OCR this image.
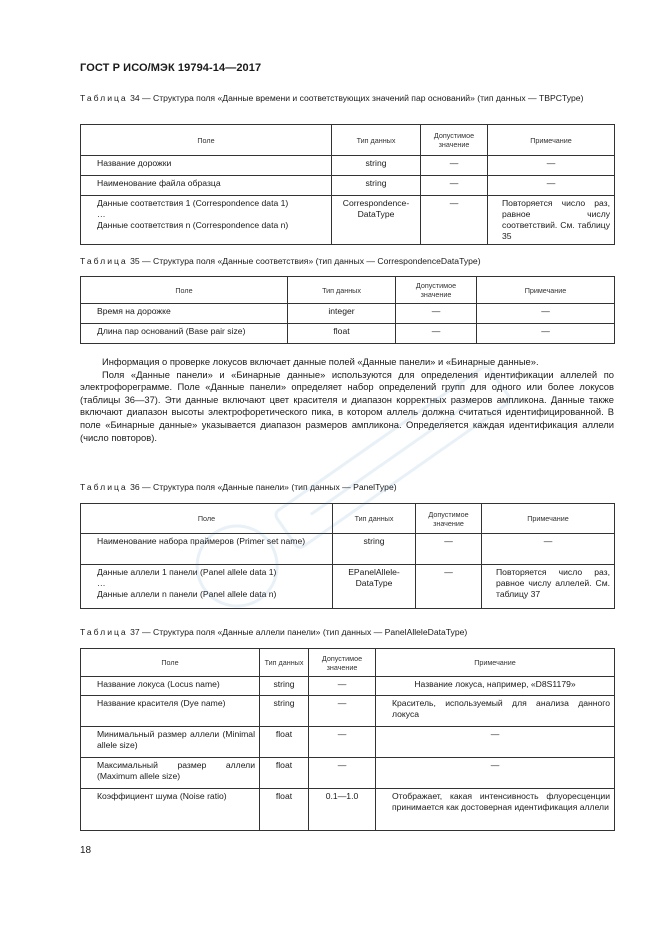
ГОСТ Р ИСО/МЭК 19794-14—2017
Таблица 34 — Структура поля «Данные времени и соответствующих значений пар оснований» (тип данных — TBPCType)
Поле	Тип данных	Допустимое значение	Примечание
Название дорожки	string	—	—
Наименование файла образца	string	—	—
Данные соответствия 1 (Correspondence data 1)
…
Данные соответствия n (Correspondence data n)	Correspondence-DataType	—	Повторяется число раз, равное числу соответствий. См. таблицу 35
Таблица 35 — Структура поля «Данные соответствия» (тип данных — CorrespondenceDataType)
Поле	Тип данных	Допустимое значение	Примечание
Время на дорожке	integer	—	—
Длина пар оснований (Base pair size)	float	—	—

Информация о проверке локусов включает данные полей «Данные панели» и «Бинарные данные».

Поля «Данные панели» и «Бинарные данные» используются для определения идентификации аллелей по электрофореграмме. Поле «Данные панели» определяет набор определений групп для одного или более локусов (таблицы 36—37). Эти данные включают цвет красителя и диапазон корректных размеров ампликона. Данные также включают диапазон высоты электрофоретического пика, в котором аллель должна считаться идентифицированной. В поле «Бинарные данные» указывается диапазон размеров ампликона. Определяется каждая идентификация аллели (число повторов).

Таблица 36 — Структура поля «Данные панели» (тип данных — PanelType)
Поле	Тип данных	Допустимое значение	Примечание
Наименование набора праймеров (Primer set name)	string	—	—
Данные аллели 1 панели (Panel allele data 1)
…
Данные аллели n панели (Panel allele data n)	EPanelAllele-DataType	—	Повторяется число раз, равное числу аллелей. См. таблицу 37
Таблица 37 — Структура поля «Данные аллели панели» (тип данных — PanelAlleleDataType)
Поле	Тип данных	Допустимое значение	Примечание
Название локуса (Locus name)	string	—	Название локуса, например, «D8S1179»
Название красителя (Dye name)	string	—	Краситель, используемый для анализа данного локуса
Минимальный размер аллели (Minimal allele size)	float	—	—
Максимальный размер аллели (Maximum allele size)	float	—	—
Коэффициент шума (Noise ratio)	float	0.1—1.0	Отображает, какая интенсивность флуоресценции принимается как достоверная идентификация аллели
18
